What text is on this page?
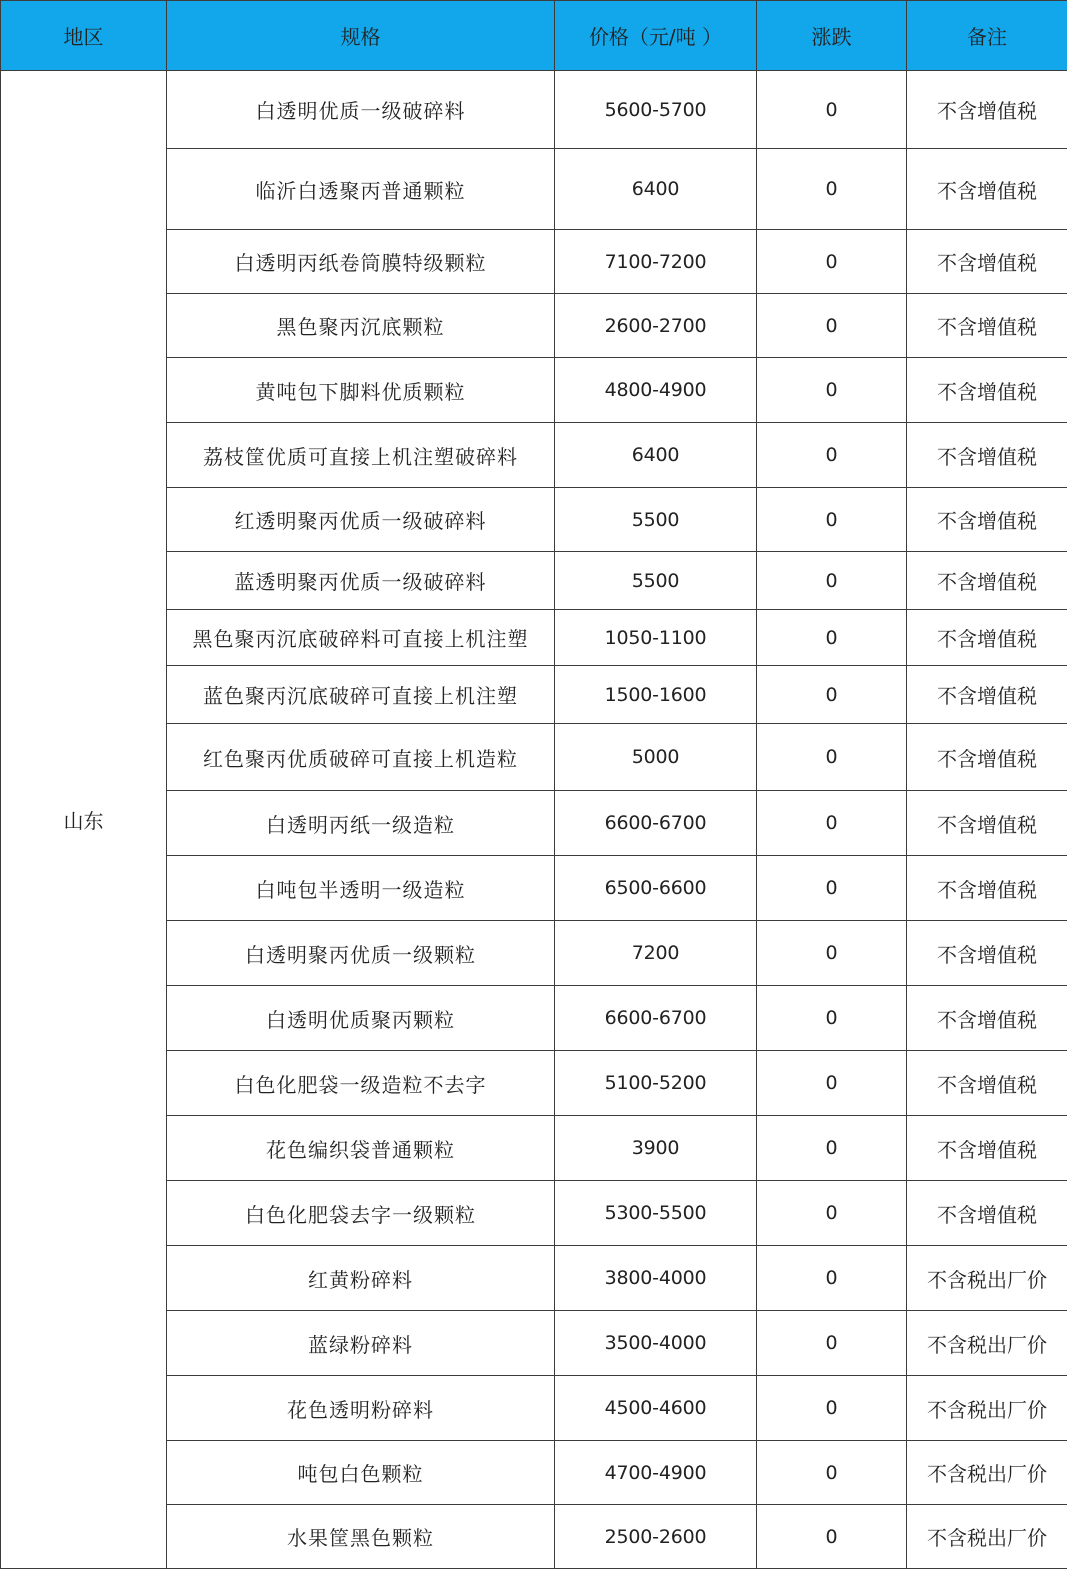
地区	规格	价格（元/吨 ）	涨跌	备注
山东	白透明优质一级破碎料	5600-5700	0	不含增值税
	临沂白透聚丙普通颗粒	6400	0	不含增值税
	白透明丙纸卷筒膜特级颗粒	7100-7200	0	不含增值税
	黑色聚丙沉底颗粒	2600-2700	0	不含增值税
	黄吨包下脚料优质颗粒	4800-4900	0	不含增值税
	荔枝筐优质可直接上机注塑破碎料	6400	0	不含增值税
	红透明聚丙优质一级破碎料	5500	0	不含增值税
	蓝透明聚丙优质一级破碎料	5500	0	不含增值税
	黑色聚丙沉底破碎料可直接上机注塑	1050-1100	0	不含增值税
	蓝色聚丙沉底破碎可直接上机注塑	1500-1600	0	不含增值税
	红色聚丙优质破碎可直接上机造粒	5000	0	不含增值税
	白透明丙纸一级造粒	6600-6700	0	不含增值税
	白吨包半透明一级造粒	6500-6600	0	不含增值税
	白透明聚丙优质一级颗粒	7200	0	不含增值税
	白透明优质聚丙颗粒	6600-6700	0	不含增值税
	白色化肥袋一级造粒不去字	5100-5200	0	不含增值税
	花色编织袋普通颗粒	3900	0	不含增值税
	白色化肥袋去字一级颗粒	5300-5500	0	不含增值税
	红黄粉碎料	3800-4000	0	不含税出厂价
	蓝绿粉碎料	3500-4000	0	不含税出厂价
	花色透明粉碎料	4500-4600	0	不含税出厂价
	吨包白色颗粒	4700-4900	0	不含税出厂价
	水果筐黑色颗粒	2500-2600	0	不含税出厂价
